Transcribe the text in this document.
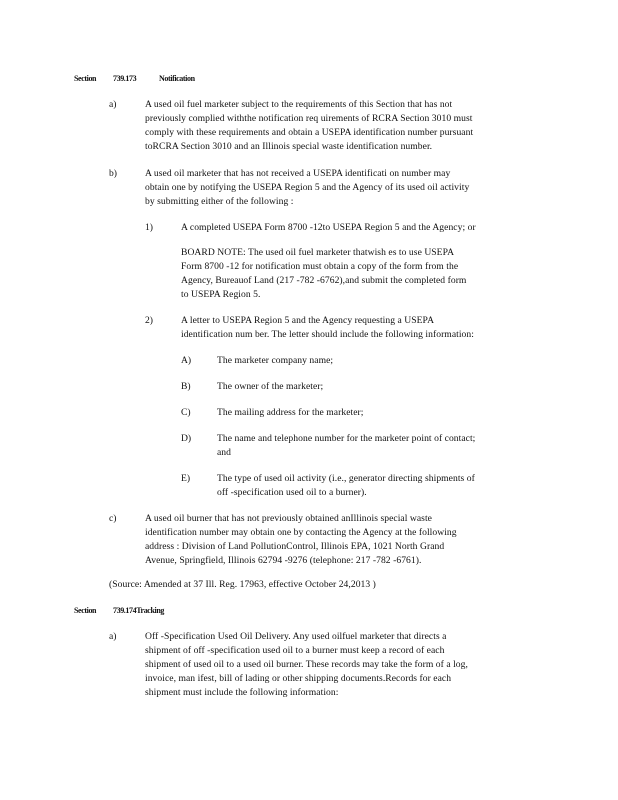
Section 739.173	Notification
a)	A used oil fuel marketer subject to the requirements of this Section that has not
previously complied withthe notification req uirements of RCRA Section 3010 must
comply with these requirements and obtain a USEPA identification number pursuant
toRCRA Section 3010 and an Illinois special waste identification number.
b)	A used oil marketer that has not received a USEPA identificati on number may
obtain one by notifying the USEPA Region 5 and the Agency of its used oil activity
by submitting either of the following :
1)	A completed USEPA Form 8700 -12to USEPA Region 5 and the Agency; or
BOARD NOTE: The used oil fuel marketer thatwish es to use USEPA
Form 8700 -12 for notification must obtain a copy of the form from the
Agency, Bureauof Land (217 -782 -6762),and submit the completed form
to USEPA Region 5.
2)	A letter to USEPA Region 5 and the Agency requesting a USEPA
identification num ber. The letter should include the following information:
A)	The marketer company name;
B)	The owner of the marketer;
C)	The mailing address for the marketer;
D)	The name and telephone number for the marketer point of contact;
and
E)	The type of used oil activity (i.e., generator directing shipments of
off -specification used oil to a burner).
c)	A used oil burner that has not previously obtained anIllinois special waste
identification number may obtain one by contacting the Agency at the following
address : Division of Land PollutionControl, Illinois EPA, 1021 North Grand
Avenue, Springfield, Illinois 62794 -9276 (telephone: 217 -782 -6761).
(Source: Amended at 37 Ill. Reg. 17963, effective October 24,2013 )
Section 739.174Tracking
a)	Off -Specification Used Oil Delivery. Any used oilfuel marketer that directs a
shipment of off -specification used oil to a burner must keep a record of each
shipment of used oil to a used oil burner. These records may take the form of a log,
invoice, man ifest, bill of lading or other shipping documents.Records for each
shipment must include the following information:
